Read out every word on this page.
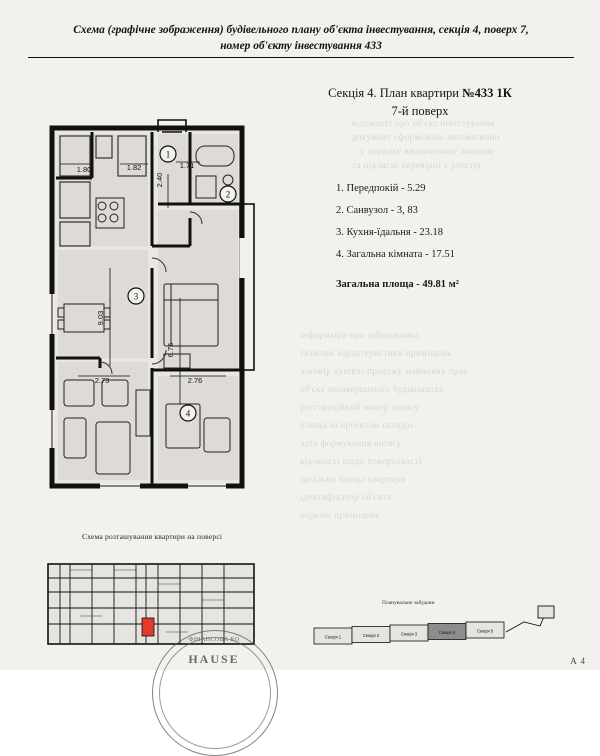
відомості про об'єкт інвестування
документ сформовано автоматично
у порядку визначеному законом
та підлягає перевірці у реєстрі
інформація про забудовника
технічні характеристики приміщень
договір купівлі-продажу майнових прав
об'єкт незавершеного будівництва
реєстраційний номер запису
площа за проектом складає
дата формування витягу
відомості щодо поверховості
загальна площа квартири
ідентифікатор об'єкта
перелік приміщень
Схема (графічне зображення) будівельного плану об'єкта інвестування, секція 4, поверх 7,
номер об'єкту інвестування 433
Секція 4. План квартири №433 1К
7-й поверх
1. Передпокій - 5.29
2. Санвузол - 3, 83
3. Кухня-їдальня - 23.18
4. Загальна кімната - 17.51
Загальна площа - 49.81 м²
1
2
3
4
1.80	1.82	1.71
2.40
9.03
6.75
2.73	2.76
Схема розташування квартири на поверсі
Планувальне забудови
Секція 1	Секція 2	Секція 3	Секція 4	Секція 5
ФІНАНСОВА КО
HAUSE	A 4
